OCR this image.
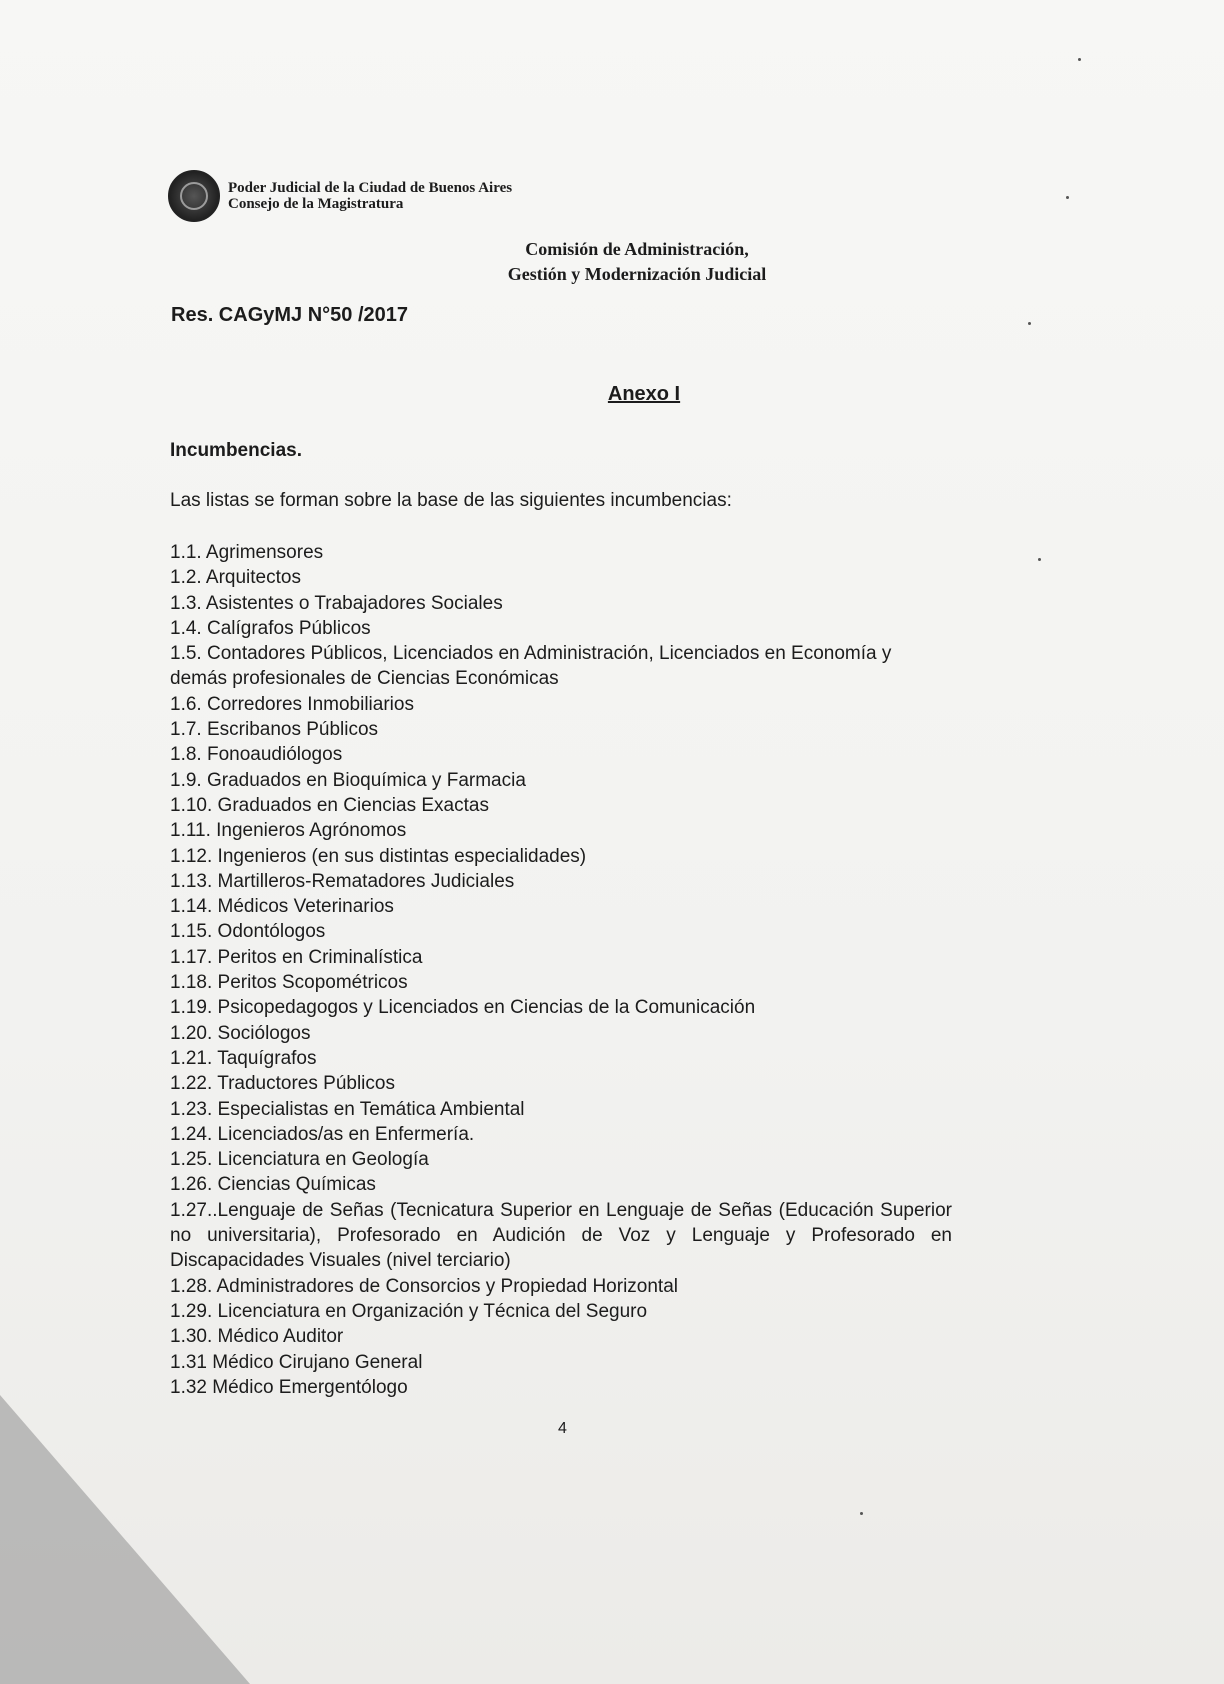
Poder Judicial de la Ciudad de Buenos Aires
Consejo de la Magistratura
Comisión de Administración,
Gestión y Modernización Judicial
Res. CAGyMJ N°50 /2017
Anexo I
Incumbencias.
Las listas se forman sobre la base de las siguientes incumbencias:
1.1. Agrimensores
1.2. Arquitectos
1.3. Asistentes o Trabajadores Sociales
1.4. Calígrafos Públicos
1.5. Contadores Públicos, Licenciados en Administración, Licenciados en Economía y demás profesionales de Ciencias Económicas
1.6. Corredores Inmobiliarios
1.7. Escribanos Públicos
1.8. Fonoaudiólogos
1.9. Graduados en Bioquímica y Farmacia
1.10. Graduados en Ciencias Exactas
1.11. Ingenieros Agrónomos
1.12. Ingenieros (en sus distintas especialidades)
1.13. Martilleros-Rematadores Judiciales
1.14. Médicos Veterinarios
1.15. Odontólogos
1.17. Peritos en Criminalística
1.18. Peritos Scopométricos
1.19. Psicopedagogos y Licenciados en Ciencias de la Comunicación
1.20. Sociólogos
1.21. Taquígrafos
1.22. Traductores Públicos
1.23. Especialistas en Temática Ambiental
1.24. Licenciados/as en Enfermería.
1.25. Licenciatura en Geología
1.26. Ciencias Químicas
1.27..Lenguaje de Señas (Tecnicatura Superior en Lenguaje de Señas (Educación Superior no universitaria), Profesorado en Audición de Voz y Lenguaje y Profesorado en Discapacidades Visuales (nivel terciario)
1.28. Administradores de Consorcios y Propiedad Horizontal
1.29. Licenciatura en Organización y Técnica del Seguro
1.30. Médico Auditor
1.31 Médico Cirujano General
1.32 Médico Emergentólogo
4
